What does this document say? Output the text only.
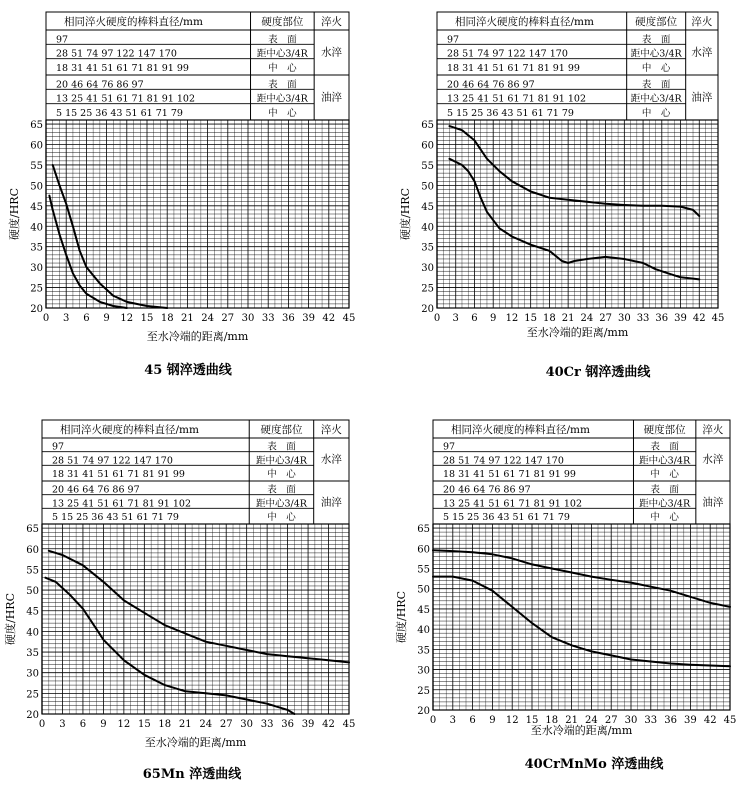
相同淬火硬度的棒料直径/mm	硬度部位 淬火
97	表　面
28 51 74 97 122 147 170	距中心3/4R
18 31 41 51 61 71 81 91 99	中　心
20 46 64 76 86 97	表　面
13 25 41 51 61 71 81 91 102	距中心3/4R
5 15 25 36 43 51 61 71 79	中　心
水淬
油淬
0 3 6 9 12 15 18 21 24 27 30 33 36 39 42 45
20
25
30
35
40
45
50
55
60
65
至水冷端的距离/mm
硬度/HRC
45 钢淬透曲线
相同淬火硬度的棒料直径/mm	硬度部位 淬火
97	表　面
28 51 74 97 122 147 170	距中心3/4R
18 31 41 51 61 71 81 91 99	中　心
20 46 64 76 86 97	表　面
13 25 41 51 61 71 81 91 102	距中心3/4R
5 15 25 36 43 51 61 71 79	中　心
水淬
油淬
0 3 6 9 12 15 18 21 24 27 30 33 36 39 42 45
20
25
30
35
40
45
50
55
60
65
至水冷端的距离/mm
硬度/HRC
40Cr 钢淬透曲线
相同淬火硬度的棒料直径/mm	硬度部位 淬火
97	表　面
28 51 74 97 122 147 170	距中心3/4R
18 31 41 51 61 71 81 91 99	中　心
20 46 64 76 86 97	表　面
13 25 41 51 61 71 81 91 102	距中心3/4R
5 15 25 36 43 51 61 71 79	中　心
水淬
油淬
0 3 6 9 12 15 18 21 24 27 30 33 36 39 42 45
20
25
30
35
40
45
50
55
60
65
至水冷端的距离/mm
硬度/HRC
65Mn 淬透曲线
相同淬火硬度的棒料直径/mm	硬度部位 淬火
97	表　面
28 51 74 97 122 147 170	距中心3/4R
18 31 41 51 61 71 81 91 99	中　心
20 46 64 76 86 97	表　面
13 25 41 51 61 71 81 91 102	距中心3/4R
5 15 25 36 43 51 61 71 79	中　心
水淬
油淬
0 3 6 9 12 15 18 21 24 27 30 33 36 39 42 45
20
25
30
35
40
45
50
55
60
65
至水冷端的距离/mm
硬度/HRC
40CrMnMo 淬透曲线
